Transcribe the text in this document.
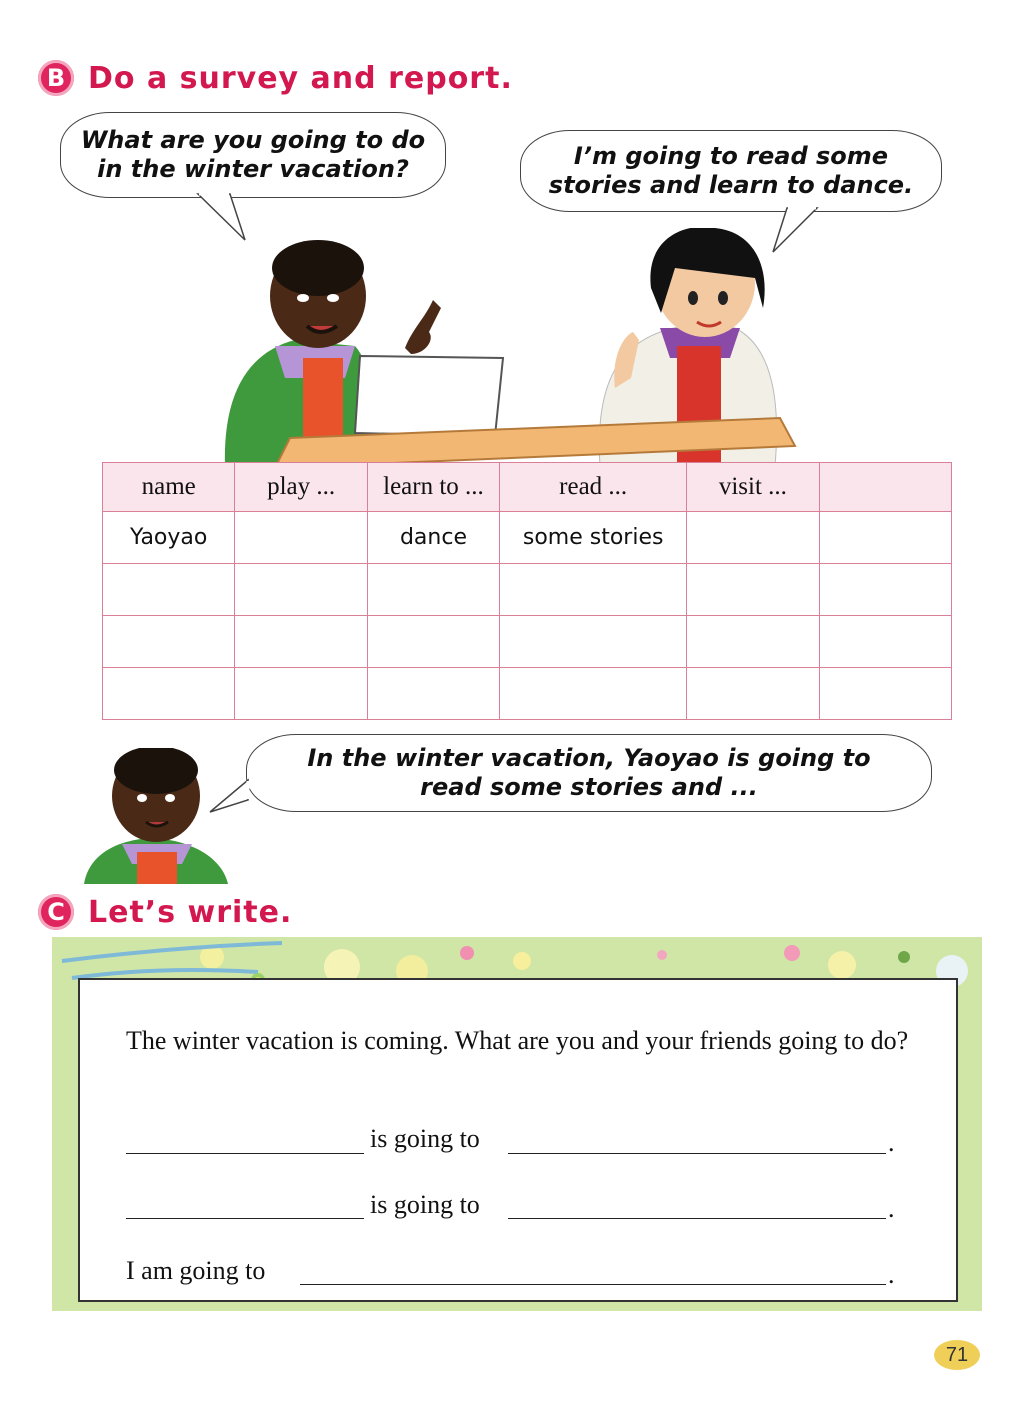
B Do a survey and report.
What are you going to do
in the winter vacation?	I’m going to read some
stories and learn to dance.
name	play ...	learn to ...	read ...	visit ...	
Yaoyao		dance	some stories		

In the winter vacation, Yaoyao is going to
read some stories and ...
C Let’s write.
The winter vacation is coming. What are you and your friends going to do?
is going to	.
is going to	.
I am going to	.
71
